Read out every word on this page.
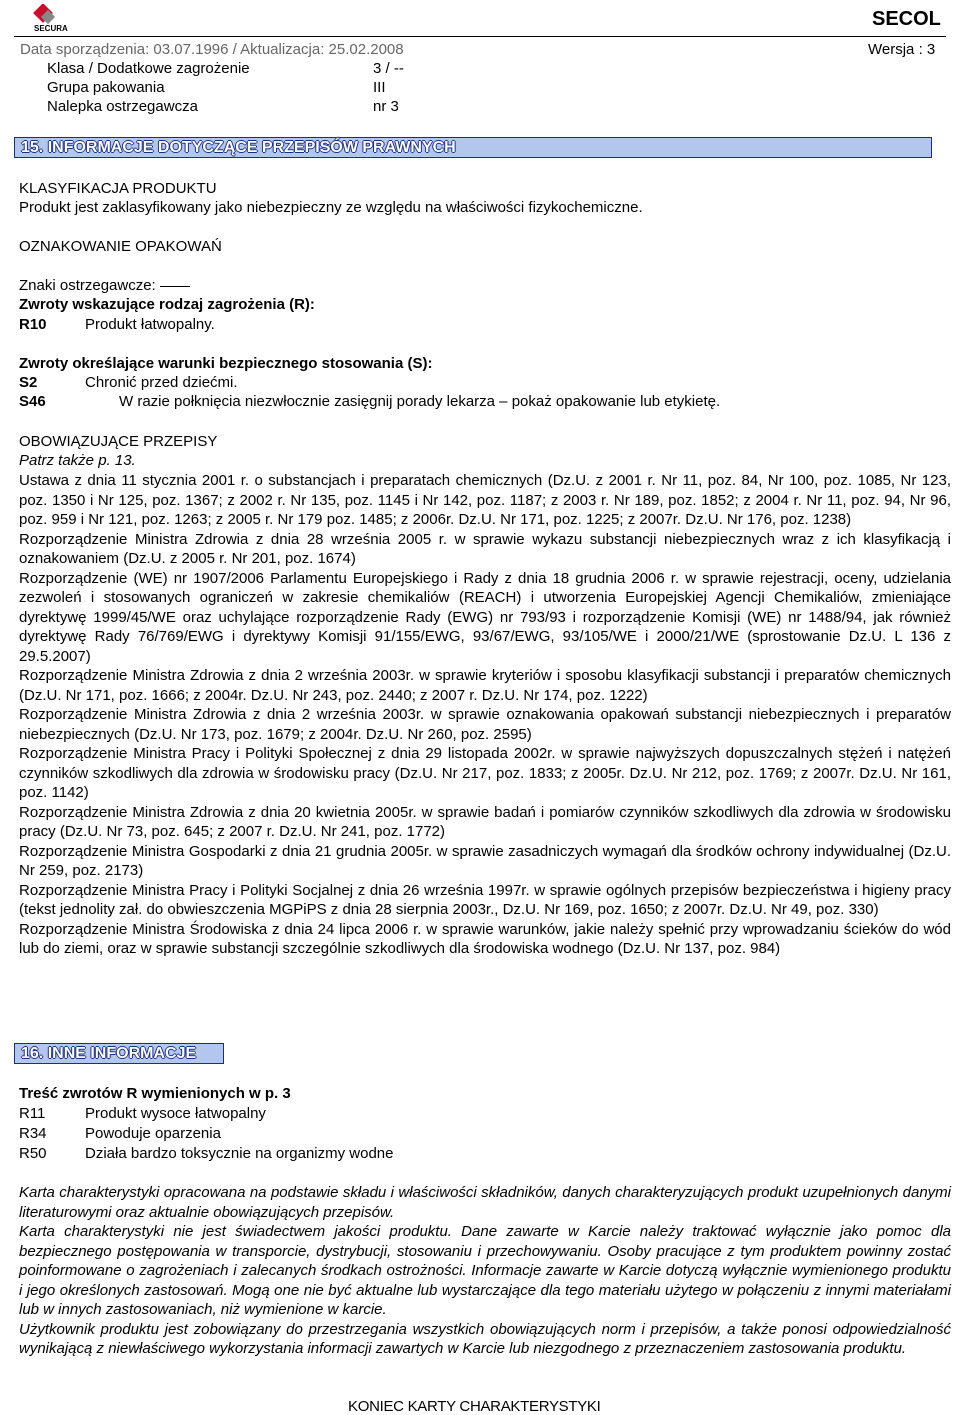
SECURA	SECOL
Data sporządzenia: 03.07.1996 / Aktualizacja: 25.02.2008	Wersja : 3
Klasa / Dodatkowe zagrożenie	3 / --
Grupa pakowania	III
Nalepka ostrzegawcza	nr 3
15. INFORMACJE DOTYCZĄCE PRZEPISÓW PRAWNYCH
KLASYFIKACJA PRODUKTU
Produkt jest zaklasyfikowany jako niebezpieczny ze względu na właściwości fizykochemiczne.
OZNAKOWANIE OPAKOWAŃ
Znaki ostrzegawcze:
Zwroty wskazujące rodzaj zagrożenia (R):
R10	Produkt łatwopalny.
Zwroty określające warunki bezpiecznego stosowania (S):
S2	Chronić przed dziećmi.
S46	W razie połknięcia niezwłocznie zasięgnij porady lekarza – pokaż opakowanie lub etykietę.
OBOWIĄZUJĄCE PRZEPISY
Patrz także p. 13.

Ustawa z dnia 11 stycznia 2001 r. o substancjach i preparatach chemicznych (Dz.U. z 2001 r. Nr 11, poz. 84, Nr 100, poz. 1085, Nr 123, poz. 1350 i Nr 125, poz. 1367; z 2002 r. Nr 135, poz. 1145 i Nr 142, poz. 1187; z 2003 r. Nr 189, poz. 1852; z 2004 r. Nr 11, poz. 94, Nr 96, poz. 959 i Nr 121, poz. 1263; z 2005 r. Nr 179 poz. 1485; z 2006r. Dz.U. Nr 171, poz. 1225; z 2007r. Dz.U. Nr 176, poz. 1238)

Rozporządzenie Ministra Zdrowia z dnia 28 września 2005 r. w sprawie wykazu substancji niebezpiecznych wraz z ich klasyfikacją i oznakowaniem (Dz.U. z 2005 r. Nr 201, poz. 1674)

Rozporządzenie (WE) nr 1907/2006 Parlamentu Europejskiego i Rady z dnia 18 grudnia 2006 r. w sprawie rejestracji, oceny, udzielania zezwoleń i stosowanych ograniczeń w zakresie chemikaliów (REACH) i utworzenia Europejskiej Agencji Chemikaliów, zmieniające dyrektywę 1999/45/WE oraz uchylające rozporządzenie Rady (EWG) nr 793/93 i rozporządzenie Komisji (WE) nr 1488/94, jak również dyrektywę Rady 76/769/EWG i dyrektywy Komisji 91/155/EWG, 93/67/EWG, 93/105/WE i 2000/21/WE (sprostowanie Dz.U. L 136 z 29.5.2007)

Rozporządzenie Ministra Zdrowia z dnia 2 września 2003r. w sprawie kryteriów i sposobu klasyfikacji substancji i preparatów chemicznych (Dz.U. Nr 171, poz. 1666; z 2004r. Dz.U. Nr 243, poz. 2440; z 2007 r. Dz.U. Nr 174, poz. 1222)

Rozporządzenie Ministra Zdrowia z dnia 2 września 2003r. w sprawie oznakowania opakowań substancji niebezpiecznych i preparatów niebezpiecznych (Dz.U. Nr 173, poz. 1679; z 2004r. Dz.U. Nr 260, poz. 2595)

Rozporządzenie Ministra Pracy i Polityki Społecznej z dnia 29 listopada 2002r. w sprawie najwyższych dopuszczalnych stężeń i natężeń czynników szkodliwych dla zdrowia w środowisku pracy (Dz.U. Nr 217, poz. 1833; z 2005r. Dz.U. Nr 212, poz. 1769; z 2007r. Dz.U. Nr 161, poz. 1142)

Rozporządzenie Ministra Zdrowia z dnia 20 kwietnia 2005r. w sprawie badań i pomiarów czynników szkodliwych dla zdrowia w środowisku pracy (Dz.U. Nr 73, poz. 645; z 2007 r. Dz.U. Nr 241, poz. 1772)

Rozporządzenie Ministra Gospodarki z dnia 21 grudnia 2005r. w sprawie zasadniczych wymagań dla środków ochrony indywidualnej (Dz.U. Nr 259, poz. 2173)

Rozporządzenie Ministra Pracy i Polityki Socjalnej z dnia 26 września 1997r. w sprawie ogólnych przepisów bezpieczeństwa i higieny pracy (tekst jednolity zał. do obwieszczenia MGPiPS z dnia 28 sierpnia 2003r., Dz.U. Nr 169, poz. 1650; z 2007r. Dz.U. Nr 49, poz. 330)

Rozporządzenie Ministra Środowiska z dnia 24 lipca 2006 r. w sprawie warunków, jakie należy spełnić przy wprowadzaniu ścieków do wód lub do ziemi, oraz w sprawie substancji szczególnie szkodliwych dla środowiska wodnego (Dz.U. Nr 137, poz. 984)

16. INNE INFORMACJE
Treść zwrotów R wymienionych w p. 3
R11	Produkt wysoce łatwopalny
R34	Powoduje oparzenia
R50	Działa bardzo toksycznie na organizmy wodne

Karta charakterystyki opracowana na podstawie składu i właściwości składników, danych charakteryzujących produkt uzupełnionych danymi literaturowymi oraz aktualnie obowiązujących przepisów.

Karta charakterystyki nie jest świadectwem jakości produktu. Dane zawarte w Karcie należy traktować wyłącznie jako pomoc dla bezpiecznego postępowania w transporcie, dystrybucji, stosowaniu i przechowywaniu. Osoby pracujące z tym produktem powinny zostać poinformowane o zagrożeniach i zalecanych środkach ostrożności. Informacje zawarte w Karcie dotyczą wyłącznie wymienionego produktu i jego określonych zastosowań. Mogą one nie być aktualne lub wystarczające dla tego materiału użytego w połączeniu z innymi materiałami lub w innych zastosowaniach, niż wymienione w karcie.

Użytkownik produktu jest zobowiązany do przestrzegania wszystkich obowiązujących norm i przepisów, a także ponosi odpowiedzialność wynikającą z niewłaściwego wykorzystania informacji zawartych w Karcie lub niezgodnego z przeznaczeniem zastosowania produktu.

KONIEC KARTY CHARAKTERYSTYKI
